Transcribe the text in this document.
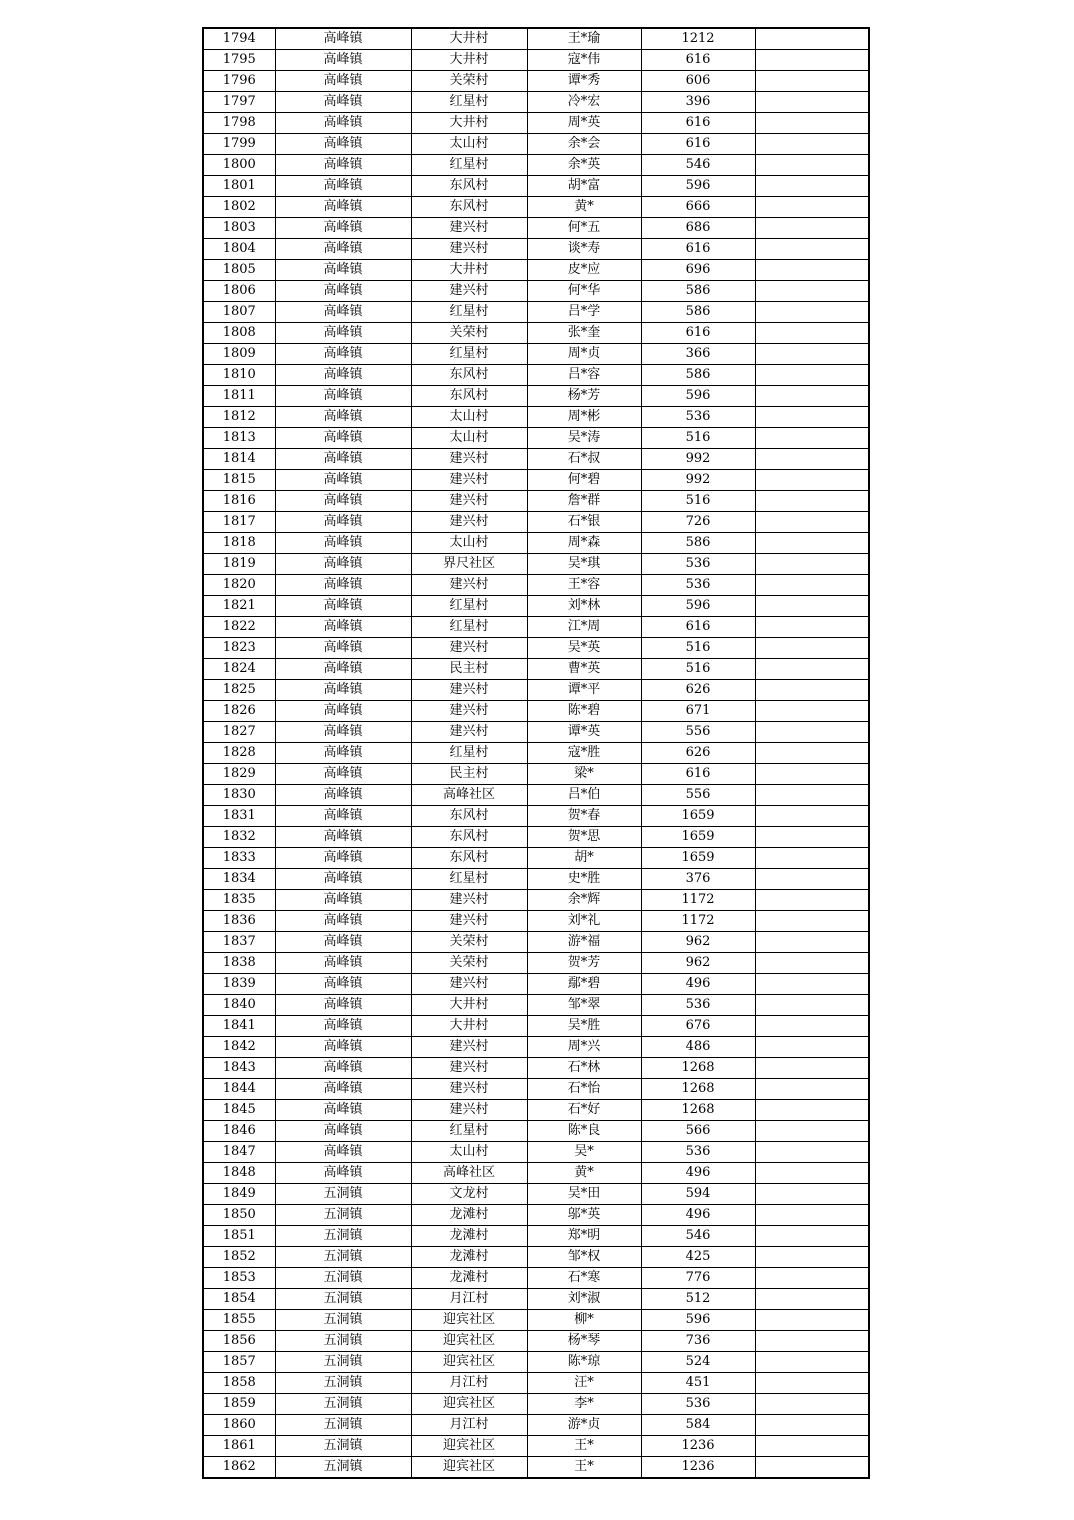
1794	高峰镇	大井村	王*瑜	1212	
1795	高峰镇	大井村	寇*伟	616	
1796	高峰镇	关荣村	谭*秀	606	
1797	高峰镇	红星村	冷*宏	396	
1798	高峰镇	大井村	周*英	616	
1799	高峰镇	太山村	余*会	616	
1800	高峰镇	红星村	余*英	546	
1801	高峰镇	东风村	胡*富	596	
1802	高峰镇	东风村	黄*	666	
1803	高峰镇	建兴村	何*五	686	
1804	高峰镇	建兴村	谈*寿	616	
1805	高峰镇	大井村	皮*应	696	
1806	高峰镇	建兴村	何*华	586	
1807	高峰镇	红星村	吕*学	586	
1808	高峰镇	关荣村	张*奎	616	
1809	高峰镇	红星村	周*贞	366	
1810	高峰镇	东风村	吕*容	586	
1811	高峰镇	东风村	杨*芳	596	
1812	高峰镇	太山村	周*彬	536	
1813	高峰镇	太山村	吴*涛	516	
1814	高峰镇	建兴村	石*叔	992	
1815	高峰镇	建兴村	何*碧	992	
1816	高峰镇	建兴村	詹*群	516	
1817	高峰镇	建兴村	石*银	726	
1818	高峰镇	太山村	周*森	586	
1819	高峰镇	界尺社区	吴*琪	536	
1820	高峰镇	建兴村	王*容	536	
1821	高峰镇	红星村	刘*林	596	
1822	高峰镇	红星村	江*周	616	
1823	高峰镇	建兴村	吴*英	516	
1824	高峰镇	民主村	曹*英	516	
1825	高峰镇	建兴村	谭*平	626	
1826	高峰镇	建兴村	陈*碧	671	
1827	高峰镇	建兴村	谭*英	556	
1828	高峰镇	红星村	寇*胜	626	
1829	高峰镇	民主村	梁*	616	
1830	高峰镇	高峰社区	吕*伯	556	
1831	高峰镇	东风村	贺*春	1659	
1832	高峰镇	东风村	贺*思	1659	
1833	高峰镇	东风村	胡*	1659	
1834	高峰镇	红星村	史*胜	376	
1835	高峰镇	建兴村	余*辉	1172	
1836	高峰镇	建兴村	刘*礼	1172	
1837	高峰镇	关荣村	游*福	962	
1838	高峰镇	关荣村	贺*芳	962	
1839	高峰镇	建兴村	鄢*碧	496	
1840	高峰镇	大井村	邹*翠	536	
1841	高峰镇	大井村	吴*胜	676	
1842	高峰镇	建兴村	周*兴	486	
1843	高峰镇	建兴村	石*林	1268	
1844	高峰镇	建兴村	石*怡	1268	
1845	高峰镇	建兴村	石*好	1268	
1846	高峰镇	红星村	陈*良	566	
1847	高峰镇	太山村	吴*	536	
1848	高峰镇	高峰社区	黄*	496	
1849	五洞镇	文龙村	吴*田	594	
1850	五洞镇	龙滩村	邬*英	496	
1851	五洞镇	龙滩村	郑*明	546	
1852	五洞镇	龙滩村	邹*权	425	
1853	五洞镇	龙滩村	石*寒	776	
1854	五洞镇	月江村	刘*淑	512	
1855	五洞镇	迎宾社区	柳*	596	
1856	五洞镇	迎宾社区	杨*琴	736	
1857	五洞镇	迎宾社区	陈*琼	524	
1858	五洞镇	月江村	汪*	451	
1859	五洞镇	迎宾社区	李*	536	
1860	五洞镇	月江村	游*贞	584	
1861	五洞镇	迎宾社区	王*	1236	
1862	五洞镇	迎宾社区	王*	1236	
